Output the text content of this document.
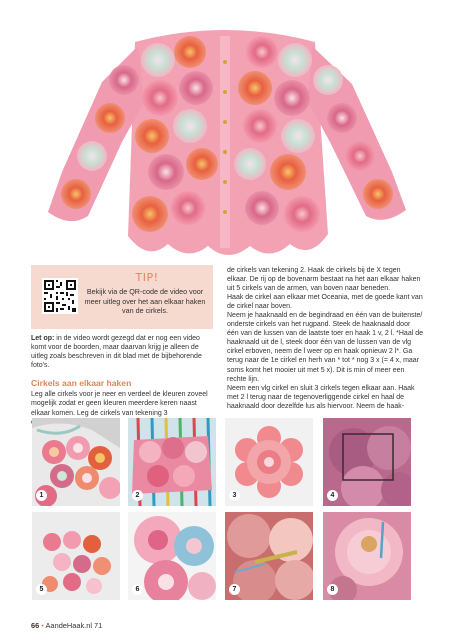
TIP!
Bekijk via de QR-code de video voor meer uitleg over het aan elkaar haken van de cirkels.

Let op: in de video wordt gezegd dat er nog een video komt voor de boorden, maar daarvan krijg je alleen de uitleg zoals beschreven in dit blad met de bijbehorende foto's.

Cirkels aan elkaar haken

Leg alle cirkels voor je neer en verdeel de kleuren zoveel mogelijk zodat er geen kleuren meerdere keren naast elkaar komen. Leg de cirkels van tekening 3

de cirkels van tekening 2. Haak de cirkels bij de X tegen elkaar. De rij op de bovenarm bestaat na het aan elkaar haken uit 5 cirkels van de armen, van boven naar beneden.

Haak de cirkel aan elkaar met Oceania, met de goede kant van de cirkel naar boven.

Neem je haaknaald en de begindraad en één van de buitenste/ onderste cirkels van het rugpand. Steek de haaknaald door één van de lussen van de laatste toer en haak 1 v, 2 l. *Haal de haaknaald uit de l, steek door één van de lussen van de vlg cirkel erboven, neem de l weer op en haak opnieuw 2 l*. Ga terug naar de 1e cirkel en herh van * tot * nog 3 x (= 4 x, maar soms komt het mooier uit met 5 x). Dit is min of meer een rechte lijn.

Neem een vlg cirkel en sluit 3 cirkels tegen elkaar aan. Haak met 2 l terug naar de tegenoverliggende cirkel en haal de haaknaald door dezelfde lus als hiervoor. Neem de haak-

1	2	3	4
5	6	7	8
66 • AandeHaak.nl 71
